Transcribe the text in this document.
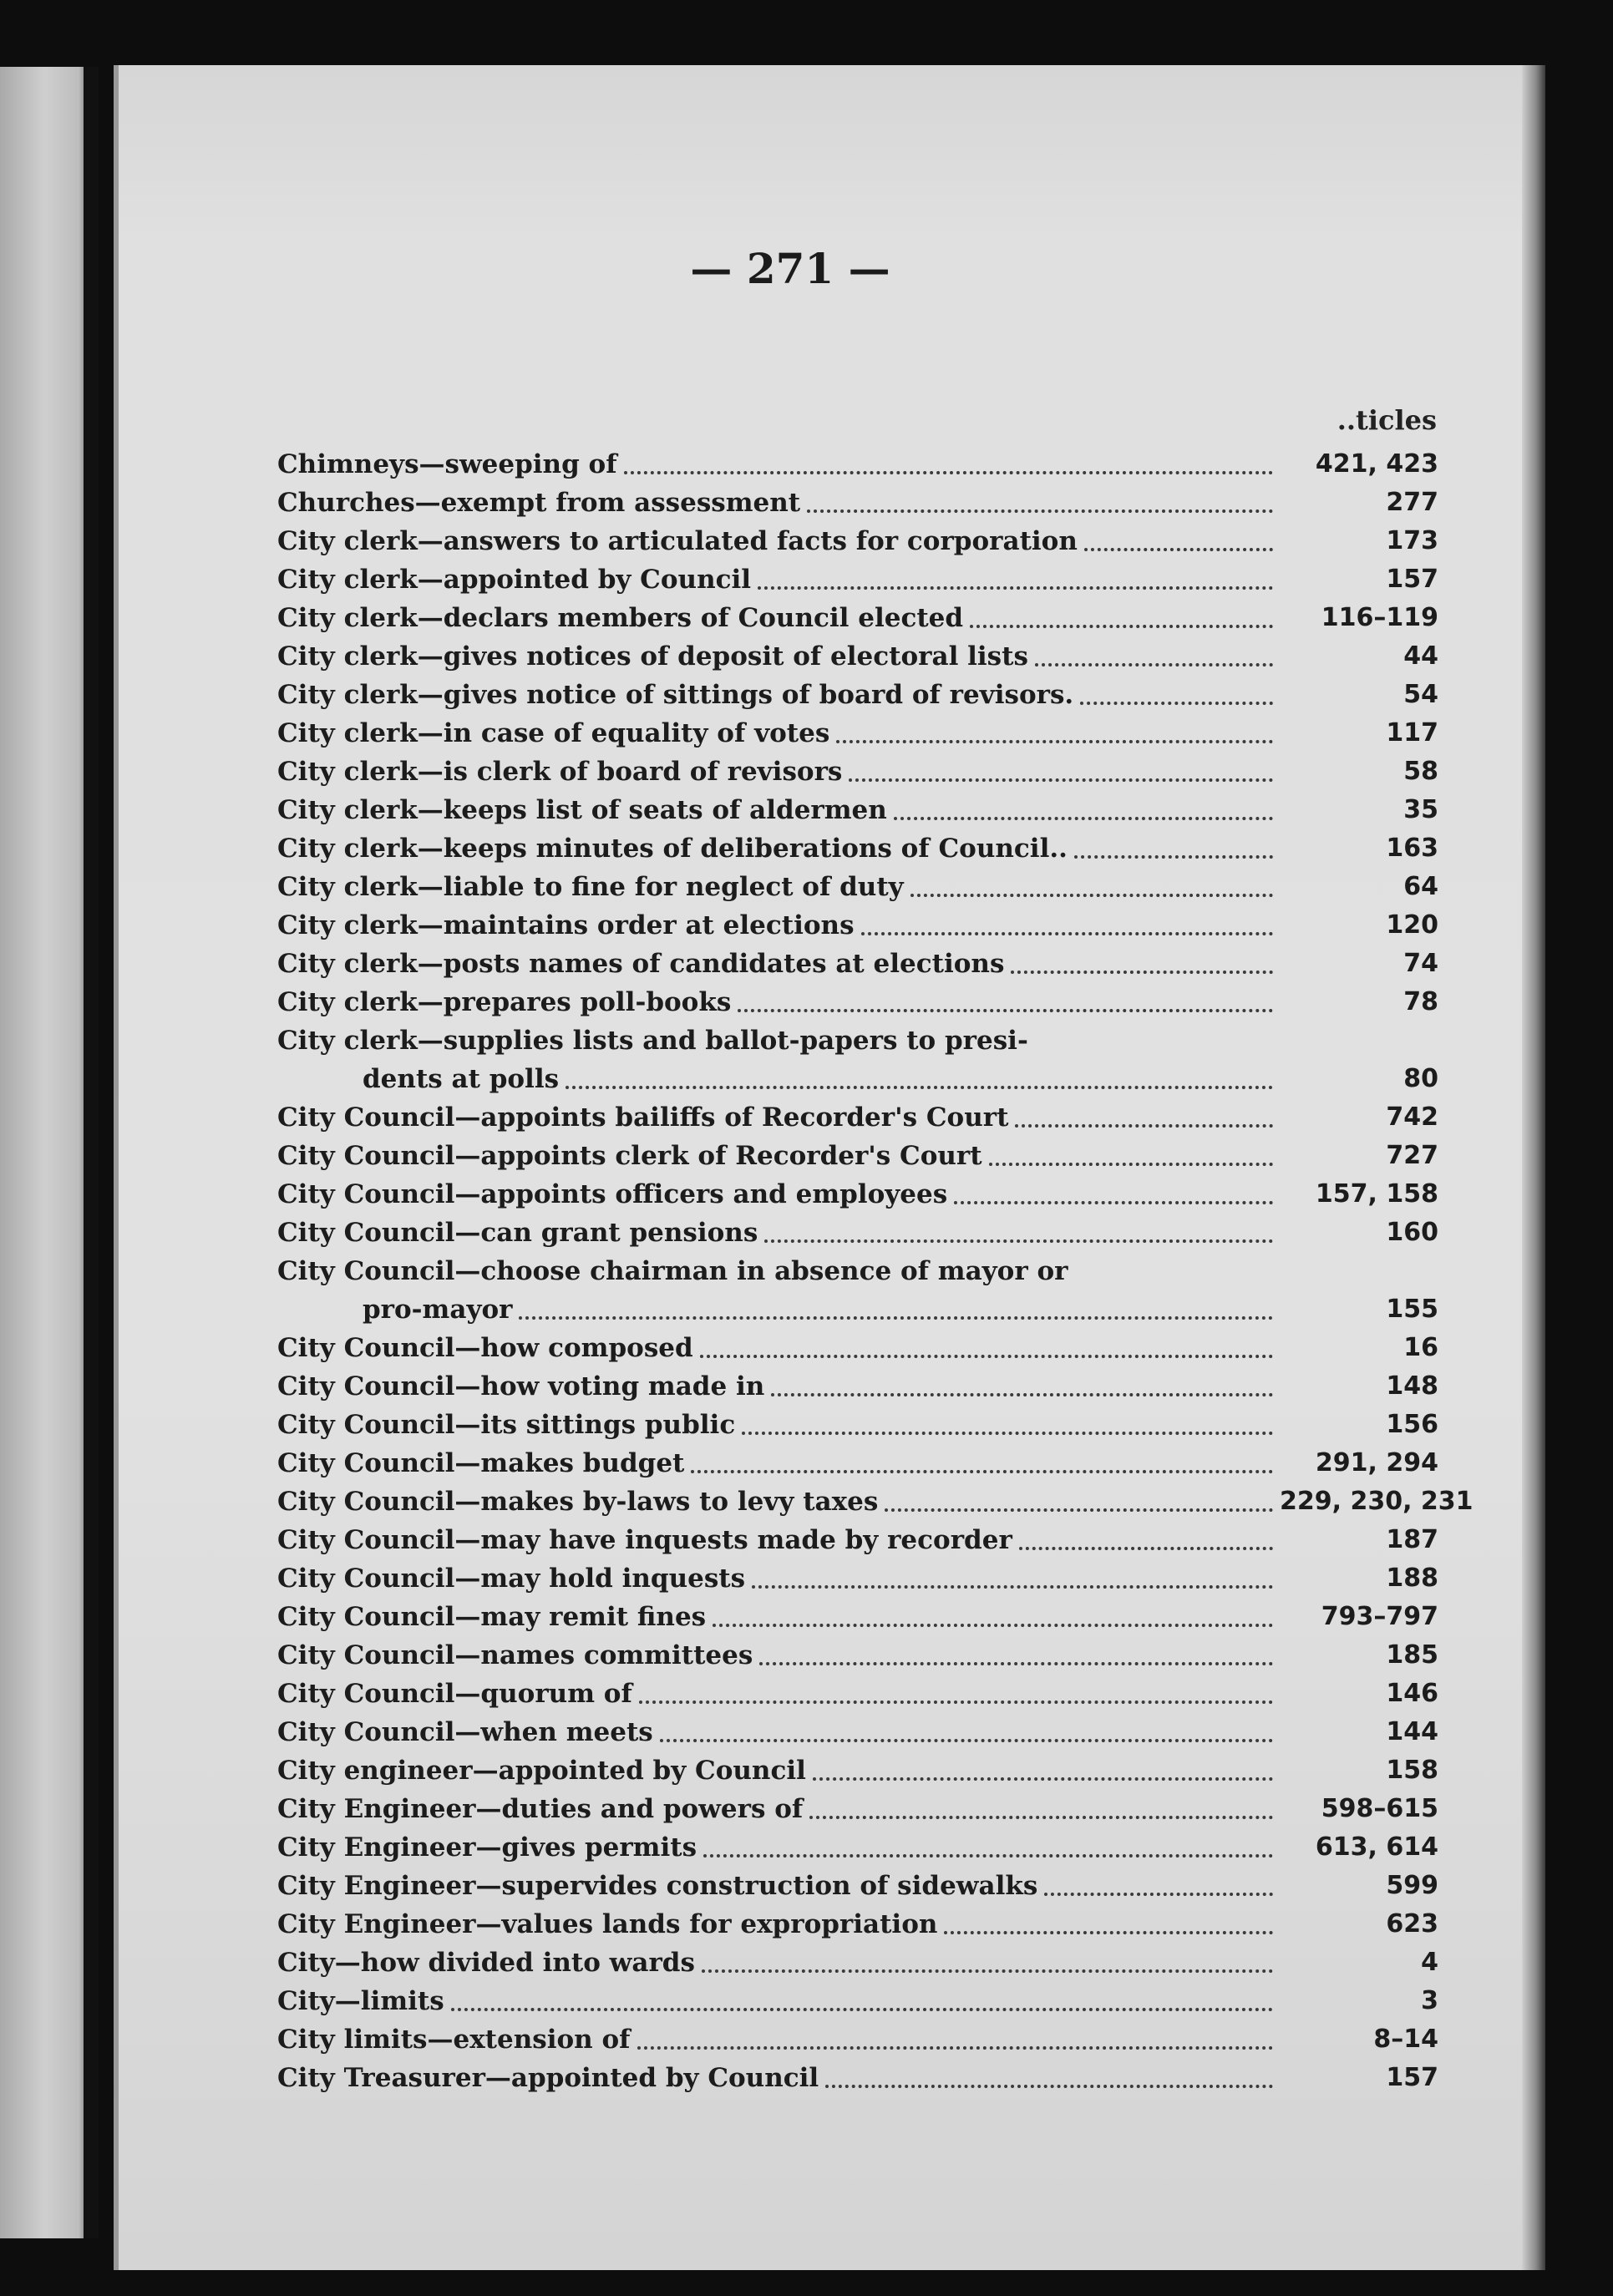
— 271 —
..ticles
Chimneys—sweeping of	421, 423
Churches—exempt from assessment	277
City clerk—answers to articulated facts for corporation	173
City clerk—appointed by Council	157
City clerk—declars members of Council elected	116–119
City clerk—gives notices of deposit of electoral lists	44
City clerk—gives notice of sittings of board of revisors.	54
City clerk—in case of equality of votes	117
City clerk—is clerk of board of revisors	58
City clerk—keeps list of seats of aldermen	35
City clerk—keeps minutes of deliberations of Council..	163
City clerk—liable to fine for neglect of duty	64
City clerk—maintains order at elections	120
City clerk—posts names of candidates at elections	74
City clerk—prepares poll-books	78
City clerk—supplies lists and ballot-papers to presi-
dents at polls	80
City Council—appoints bailiffs of Recorder's Court	742
City Council—appoints clerk of Recorder's Court	727
City Council—appoints officers and employees	157, 158
City Council—can grant pensions	160
City Council—choose chairman in absence of mayor or
pro-mayor	155
City Council—how composed	16
City Council—how voting made in	148
City Council—its sittings public	156
City Council—makes budget	291, 294
City Council—makes by-laws to levy taxes	229, 230, 231
City Council—may have inquests made by recorder	187
City Council—may hold inquests	188
City Council—may remit fines	793–797
City Council—names committees	185
City Council—quorum of	146
City Council—when meets	144
City engineer—appointed by Council	158
City Engineer—duties and powers of	598–615
City Engineer—gives permits	613, 614
City Engineer—supervides construction of sidewalks	599
City Engineer—values lands for expropriation	623
City—how divided into wards	4
City—limits	3
City limits—extension of	8–14
City Treasurer—appointed by Council	157
